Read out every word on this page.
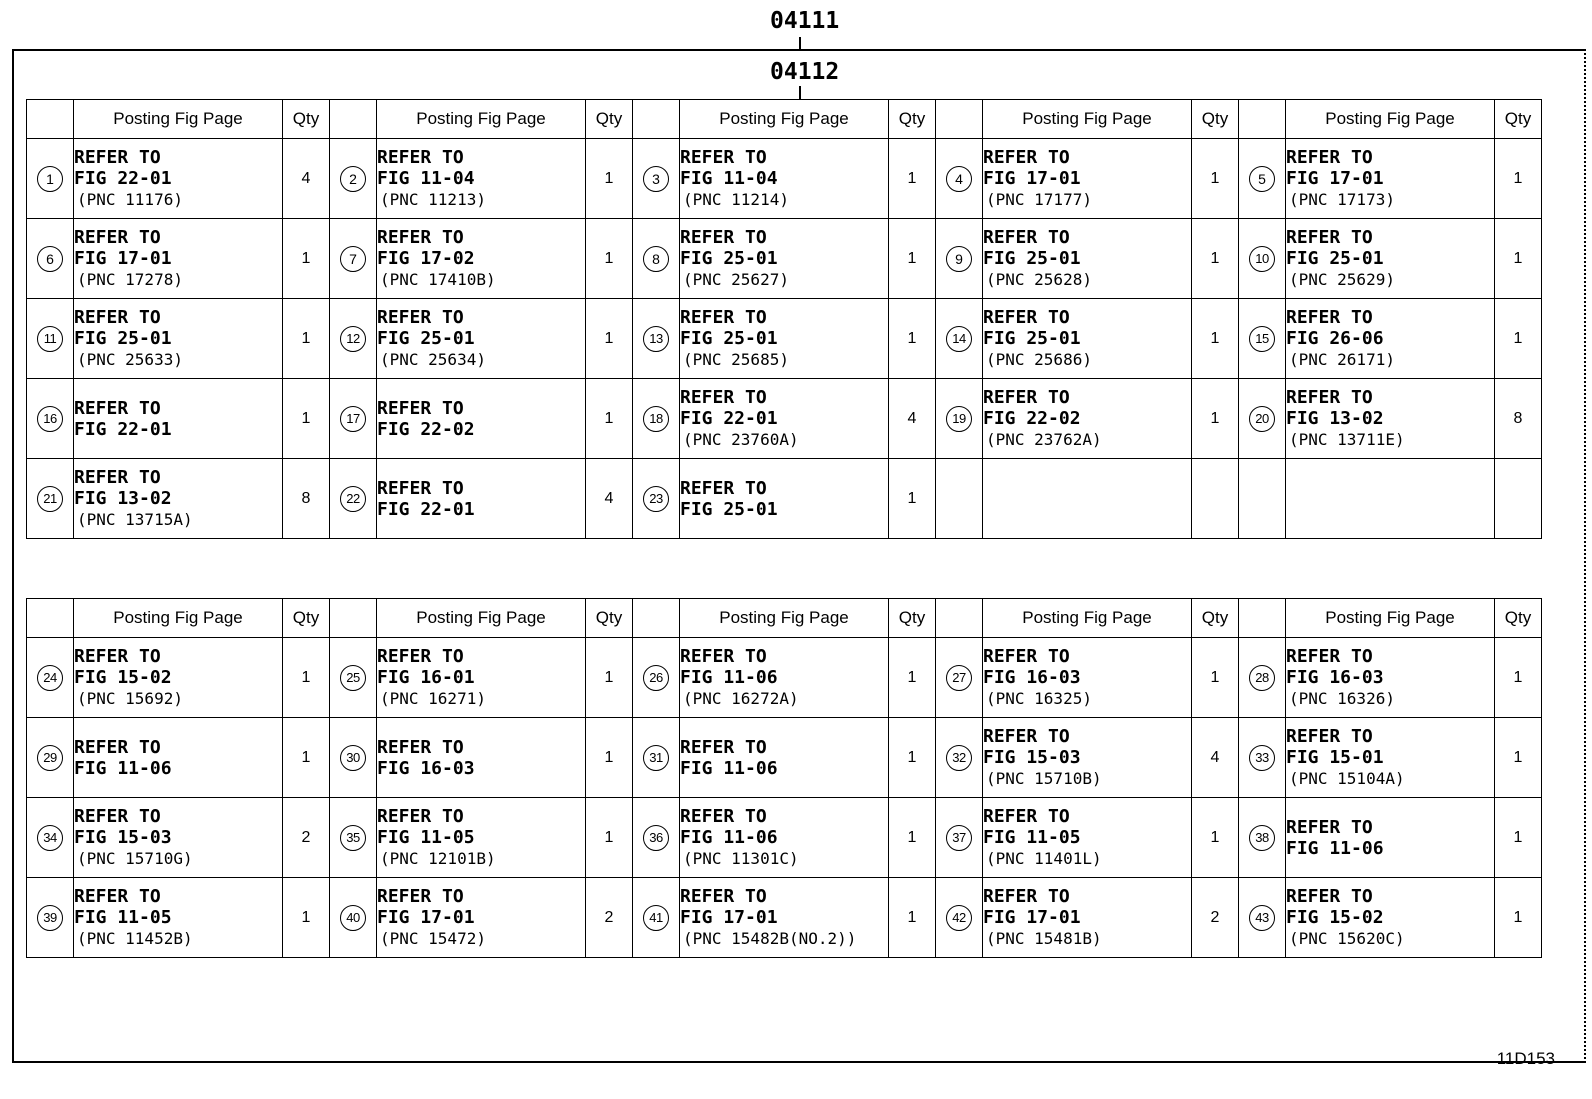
04111
04112
	Posting Fig Page	Qty		Posting Fig Page	Qty		Posting Fig Page	Qty		Posting Fig Page	Qty		Posting Fig Page	Qty
1	REFER TO
FIG 22-01
(PNC 11176)	4	2	REFER TO
FIG 11-04
(PNC 11213)	1	3	REFER TO
FIG 11-04
(PNC 11214)	1	4	REFER TO
FIG 17-01
(PNC 17177)	1	5	REFER TO
FIG 17-01
(PNC 17173)	1
6	REFER TO
FIG 17-01
(PNC 17278)	1	7	REFER TO
FIG 17-02
(PNC 17410B)	1	8	REFER TO
FIG 25-01
(PNC 25627)	1	9	REFER TO
FIG 25-01
(PNC 25628)	1	10	REFER TO
FIG 25-01
(PNC 25629)	1
11	REFER TO
FIG 25-01
(PNC 25633)	1	12	REFER TO
FIG 25-01
(PNC 25634)	1	13	REFER TO
FIG 25-01
(PNC 25685)	1	14	REFER TO
FIG 25-01
(PNC 25686)	1	15	REFER TO
FIG 26-06
(PNC 26171)	1
16	REFER TO
FIG 22-01	1	17	REFER TO
FIG 22-02	1	18	REFER TO
FIG 22-01
(PNC 23760A)	4	19	REFER TO
FIG 22-02
(PNC 23762A)	1	20	REFER TO
FIG 13-02
(PNC 13711E)	8
21	REFER TO
FIG 13-02
(PNC 13715A)	8	22	REFER TO
FIG 22-01	4	23	REFER TO
FIG 25-01	1						
	Posting Fig Page	Qty		Posting Fig Page	Qty		Posting Fig Page	Qty		Posting Fig Page	Qty		Posting Fig Page	Qty
24	REFER TO
FIG 15-02
(PNC 15692)	1	25	REFER TO
FIG 16-01
(PNC 16271)	1	26	REFER TO
FIG 11-06
(PNC 16272A)	1	27	REFER TO
FIG 16-03
(PNC 16325)	1	28	REFER TO
FIG 16-03
(PNC 16326)	1
29	REFER TO
FIG 11-06	1	30	REFER TO
FIG 16-03	1	31	REFER TO
FIG 11-06	1	32	REFER TO
FIG 15-03
(PNC 15710B)	4	33	REFER TO
FIG 15-01
(PNC 15104A)	1
34	REFER TO
FIG 15-03
(PNC 15710G)	2	35	REFER TO
FIG 11-05
(PNC 12101B)	1	36	REFER TO
FIG 11-06
(PNC 11301C)	1	37	REFER TO
FIG 11-05
(PNC 11401L)	1	38	REFER TO
FIG 11-06	1
39	REFER TO
FIG 11-05
(PNC 11452B)	1	40	REFER TO
FIG 17-01
(PNC 15472)	2	41	REFER TO
FIG 17-01
(PNC 15482B(NO.2))	1	42	REFER TO
FIG 17-01
(PNC 15481B)	2	43	REFER TO
FIG 15-02
(PNC 15620C)	1
11D153
